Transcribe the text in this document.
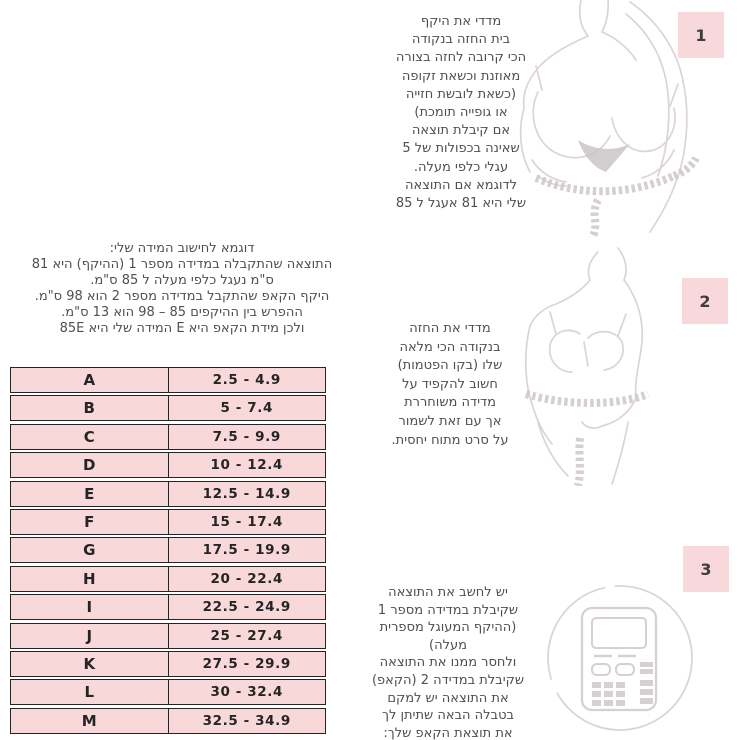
1
מדדי את היקף
בית החזה בנקודה
הכי קרובה לחזה בצורה
מאוזנת וכשאת זקופה
(כשאת לובשת חזייה
או גופייה תומכת)
אם קיבלת תוצאה
שאינה בכפולות של 5
עגלי כלפי מעלה.
לדוגמא אם התוצאה
שלי היא 81 אעגל ל 85
דוגמא לחישוב המידה שלי:
התוצאה שהתקבלה במדידה מספר 1 (ההיקף) היא 81
ס"מ נעגל כלפי מעלה ל 85 ס"מ.
היקף הקאפ שהתקבל במדידה מספר 2 הוא 98 ס"מ.
ההפרש בין ההיקפים 85 – 98 הוא 13 ס"מ.
ולכן מידת הקאפ היא E המידה שלי היא 85E
2
מדדי את החזה
בנקודה הכי מלאה
שלו (בקו הפטמות)
חשוב להקפיד על
מדידה משוחררת
אך עם זאת לשמור
על סרט מתוח יחסית.
A	2.5 - 4.9
B	5 - 7.4
C	7.5 - 9.9
D	10 - 12.4
E	12.5 - 14.9
F	15 - 17.4
G	17.5 - 19.9
H	20 - 22.4
I	22.5 - 24.9
J	25 - 27.4
K	27.5 - 29.9
L	30 - 32.4
M	32.5 - 34.9
3
יש לחשב את התוצאה
שקיבלת במדידה מספר 1
(ההיקף המעוגל מספרית מעלה)
ולחסר ממנו את התוצאה
שקיבלת במדידה 2 (הקאפ)
את התוצאה יש למקם
בטבלה הבאה שתיתן לך
את תוצאת הקאפ שלך:
